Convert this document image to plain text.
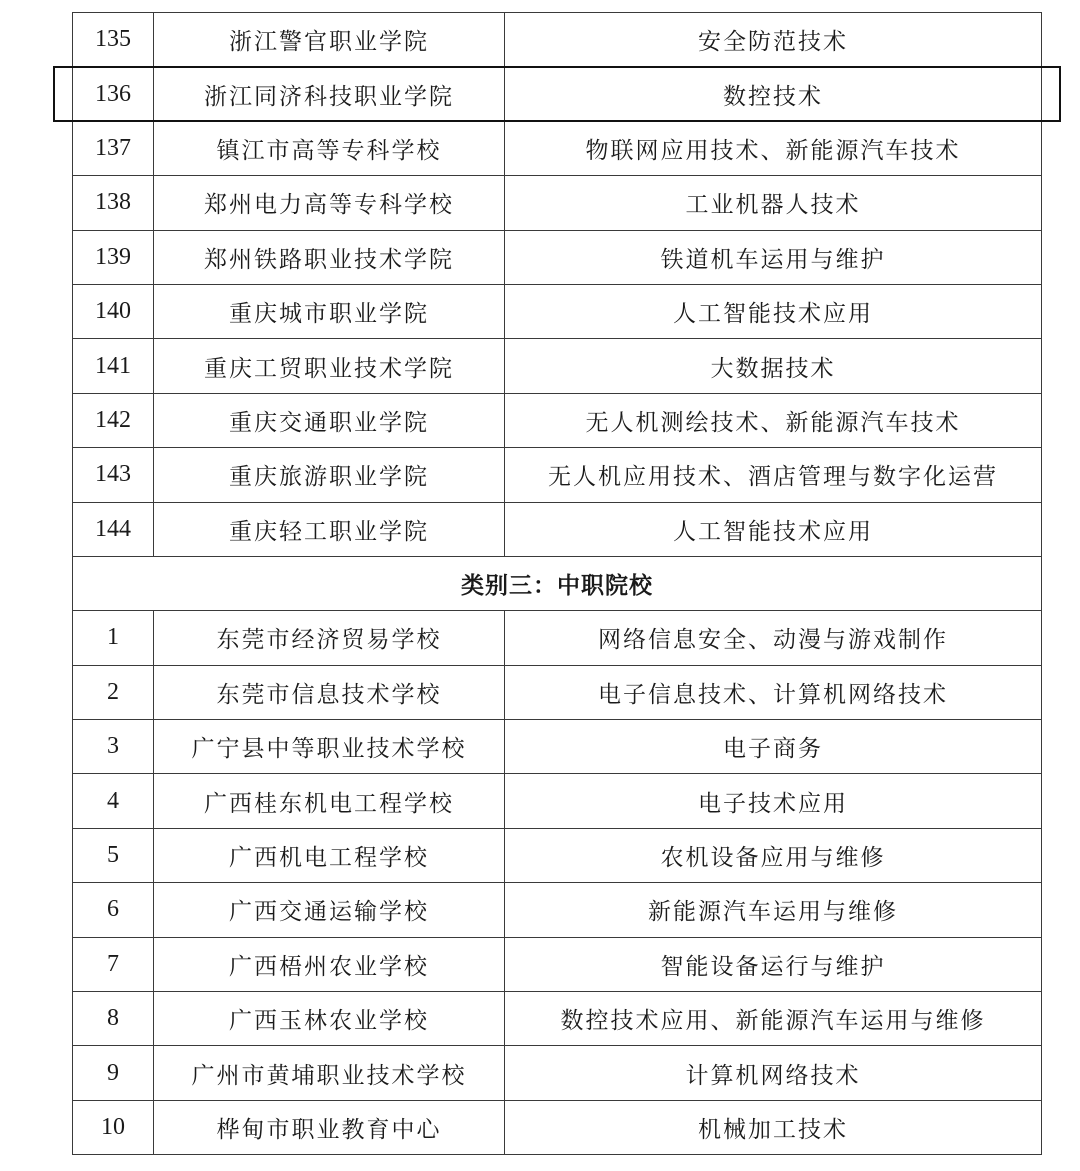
135	浙江警官职业学院	安全防范技术
136	浙江同济科技职业学院	数控技术
137	镇江市高等专科学校	物联网应用技术、新能源汽车技术
138	郑州电力高等专科学校	工业机器人技术
139	郑州铁路职业技术学院	铁道机车运用与维护
140	重庆城市职业学院	人工智能技术应用
141	重庆工贸职业技术学院	大数据技术
142	重庆交通职业学院	无人机测绘技术、新能源汽车技术
143	重庆旅游职业学院	无人机应用技术、酒店管理与数字化运营
144	重庆轻工职业学院	人工智能技术应用
类别三：中职院校		
1	东莞市经济贸易学校	网络信息安全、动漫与游戏制作
2	东莞市信息技术学校	电子信息技术、计算机网络技术
3	广宁县中等职业技术学校	电子商务
4	广西桂东机电工程学校	电子技术应用
5	广西机电工程学校	农机设备应用与维修
6	广西交通运输学校	新能源汽车运用与维修
7	广西梧州农业学校	智能设备运行与维护
8	广西玉林农业学校	数控技术应用、新能源汽车运用与维修
9	广州市黄埔职业技术学校	计算机网络技术
10	桦甸市职业教育中心	机械加工技术
